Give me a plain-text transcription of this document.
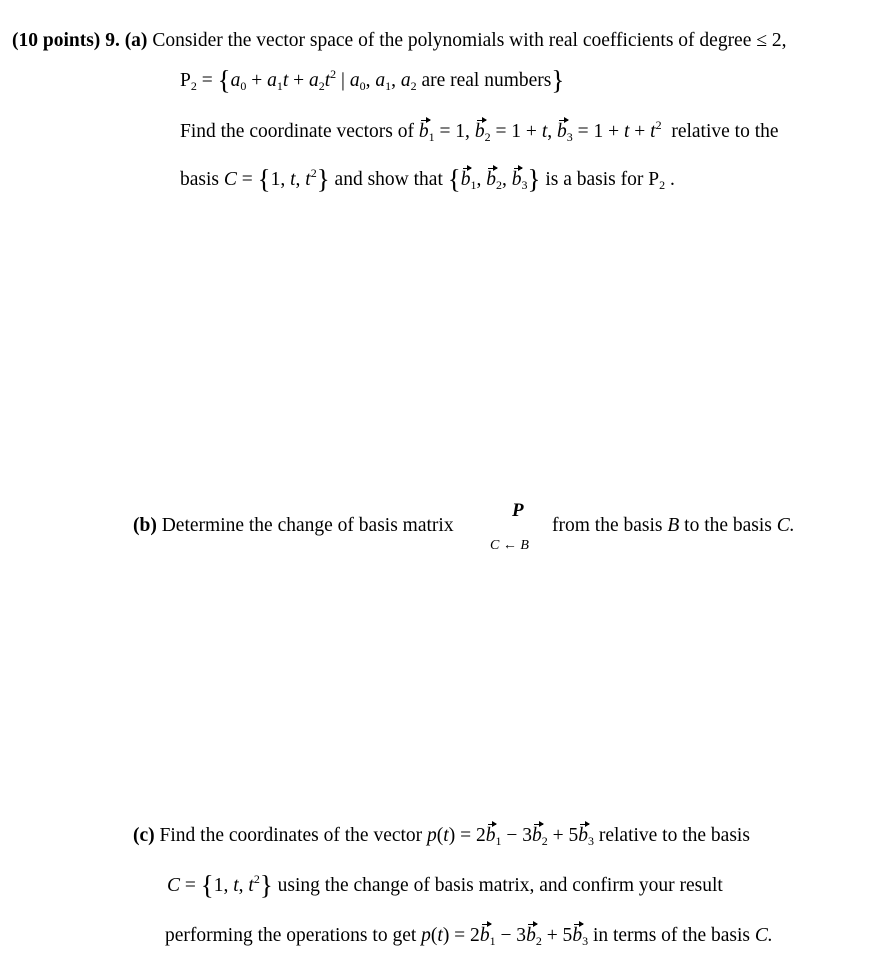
(10 points) 9. (a) Consider the vector space of the polynomials with real coefficients of degree ≤ 2,
$P_2 = \{a_0 + a_1t + a_2t^2$ | $a_0$, $a_1$, $a_2$ are real numbers}
Find the coordinate vectors of $b_1 = 1$, $b_2 = 1 + t$, $b_3 = 1 + t + t^2$ relative to the
basis C = {1, t, $t^2$} and show that {$b_1$, $b_2$, $b_3$} is a basis for $P_2$ .
(b) Determine the change of basis matrix
P
C ← B
from the basis B to the basis C.
(c) Find the coordinates of the vector $p(t) = 2b_1 - 3b_2 + 5b_3$ relative to the basis
C = {1, t, $t^2$} using the change of basis matrix, and confirm your result
performing the operations to get $p(t) = 2b_1 - 3b_2 + 5b_3$ in terms of the basis C.
